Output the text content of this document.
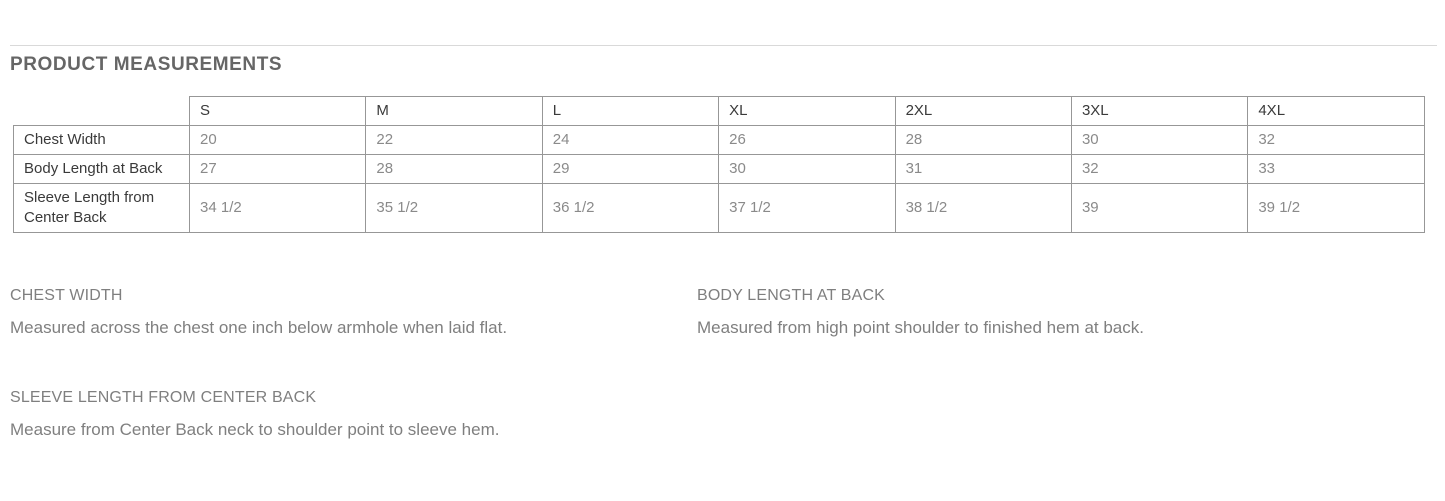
PRODUCT MEASUREMENTS
	S	M	L	XL	2XL	3XL	4XL
Chest Width	20	22	24	26	28	30	32
Body Length at Back	27	28	29	30	31	32	33
Sleeve Length from Center Back	34 1/2	35 1/2	36 1/2	37 1/2	38 1/2	39	39 1/2
CHEST WIDTH

Measured across the chest one inch below armhole when laid flat.

BODY LENGTH AT BACK

Measured from high point shoulder to finished hem at back.

SLEEVE LENGTH FROM CENTER BACK

Measure from Center Back neck to shoulder point to sleeve hem.
